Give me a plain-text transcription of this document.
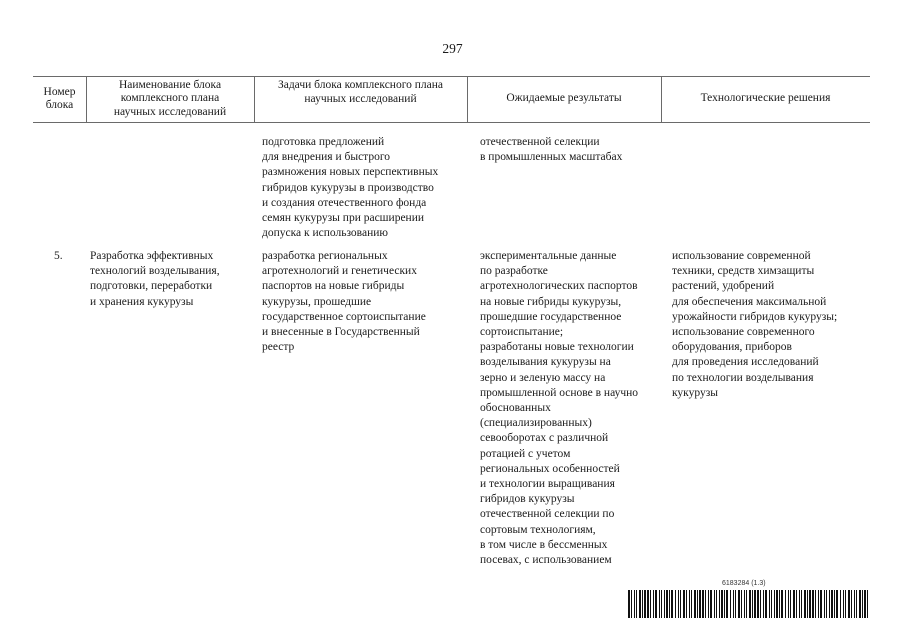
297
Номер
блока
Наименование блока
комплексного плана
научных исследований
Задачи блока комплексного плана
научных исследований	Ожидаемые результаты	Технологические решения
подготовка предложений
для внедрения и быстрого
размножения новых перспективных
гибридов кукурузы в производство
и создания отечественного фонда
семян кукурузы при расширении
допуска к использованию
отечественной селекции
в промышленных масштабах
5. Разработка эффективных
технологий возделывания,
подготовки, переработки
и хранения кукурузы
разработка региональных
агротехнологий и генетических
паспортов на новые гибриды
кукурузы, прошедшие
государственное сортоиспытание
и внесенные в Государственный
реестр
экспериментальные данные
по разработке
агротехнологических паспортов
на новые гибриды кукурузы,
прошедшие государственное
сортоиспытание;
разработаны новые технологии
возделывания кукурузы на
зерно и зеленую массу на
промышленной основе в научно
обоснованных
(специализированных)
севооборотах с различной
ротацией с учетом
региональных особенностей
и технологии выращивания
гибридов кукурузы
отечественной селекции по
сортовым технологиям,
в том числе в бессменных
посевах, с использованием
использование современной
техники, средств химзащиты
растений, удобрений
для обеспечения максимальной
урожайности гибридов кукурузы;
использование современного
оборудования, приборов
для проведения исследований
по технологии возделывания
кукурузы
6183284 (1.3)
